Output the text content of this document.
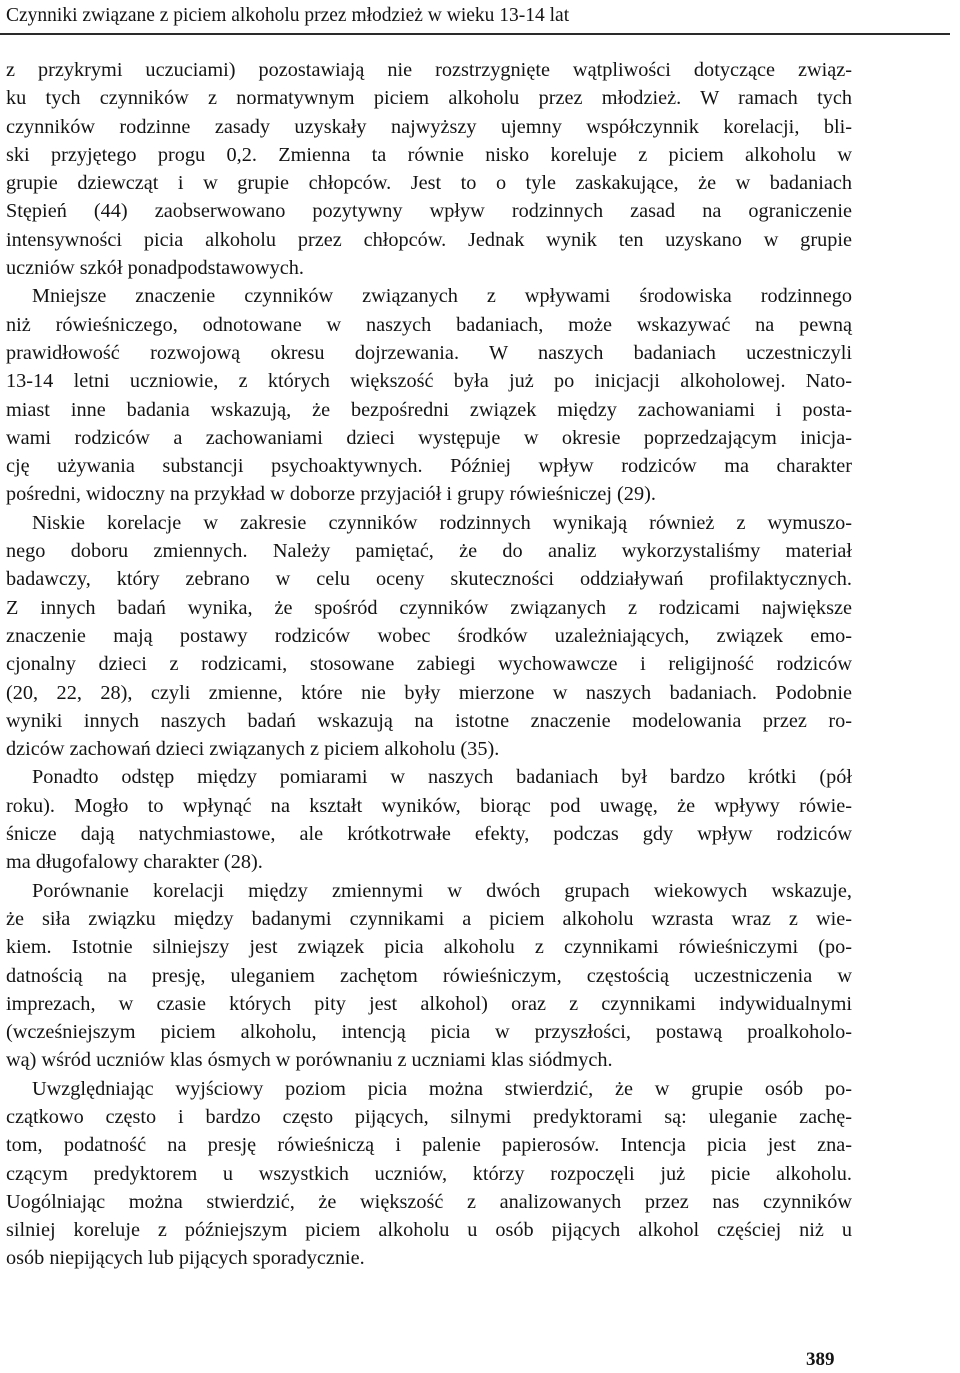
Czynniki związane z piciem alkoholu przez młodzież w wieku 13-14 lat
z przykrymi uczuciami) pozostawiają nie rozstrzygnięte wątpliwości dotyczące związ-
ku tych czynników z normatywnym piciem alkoholu przez młodzież. W ramach tych
czynników rodzinne zasady uzyskały najwyższy ujemny współczynnik korelacji, bli-
ski przyjętego progu 0,2. Zmienna ta równie nisko koreluje z piciem alkoholu w
grupie dziewcząt i w grupie chłopców. Jest to o tyle zaskakujące, że w badaniach
Stępień (44) zaobserwowano pozytywny wpływ rodzinnych zasad na ograniczenie
intensywności picia alkoholu przez chłopców. Jednak wynik ten uzyskano w grupie
uczniów szkół ponadpodstawowych.
Mniejsze znaczenie czynników związanych z wpływami środowiska rodzinnego
niż rówieśniczego, odnotowane w naszych badaniach, może wskazywać na pewną
prawidłowość rozwojową okresu dojrzewania. W naszych badaniach uczestniczyli
13-14 letni uczniowie, z których większość była już po inicjacji alkoholowej. Nato-
miast inne badania wskazują, że bezpośredni związek między zachowaniami i posta-
wami rodziców a zachowaniami dzieci występuje w okresie poprzedzającym inicja-
cję używania substancji psychoaktywnych. Później wpływ rodziców ma charakter
pośredni, widoczny na przykład w doborze przyjaciół i grupy rówieśniczej (29).
Niskie korelacje w zakresie czynników rodzinnych wynikają również z wymuszo-
nego doboru zmiennych. Należy pamiętać, że do analiz wykorzystaliśmy materiał
badawczy, który zebrano w celu oceny skuteczności oddziaływań profilaktycznych.
Z innych badań wynika, że spośród czynników związanych z rodzicami największe
znaczenie mają postawy rodziców wobec środków uzależniających, związek emo-
cjonalny dzieci z rodzicami, stosowane zabiegi wychowawcze i religijność rodziców
(20, 22, 28), czyli zmienne, które nie były mierzone w naszych badaniach. Podobnie
wyniki innych naszych badań wskazują na istotne znaczenie modelowania przez ro-
dziców zachowań dzieci związanych z piciem alkoholu (35).
Ponadto odstęp między pomiarami w naszych badaniach był bardzo krótki (pół
roku). Mogło to wpłynąć na kształt wyników, biorąc pod uwagę, że wpływy rówie-
śnicze dają natychmiastowe, ale krótkotrwałe efekty, podczas gdy wpływ rodziców
ma długofalowy charakter (28).
Porównanie korelacji między zmiennymi w dwóch grupach wiekowych wskazuje,
że siła związku między badanymi czynnikami a piciem alkoholu wzrasta wraz z wie-
kiem. Istotnie silniejszy jest związek picia alkoholu z czynnikami rówieśniczymi (po-
datnością na presję, uleganiem zachętom rówieśniczym, częstością uczestniczenia w
imprezach, w czasie których pity jest alkohol) oraz z czynnikami indywidualnymi
(wcześniejszym piciem alkoholu, intencją picia w przyszłości, postawą proalkoholo-
wą) wśród uczniów klas ósmych w porównaniu z uczniami klas siódmych.
Uwzględniając wyjściowy poziom picia można stwierdzić, że w grupie osób po-
czątkowo często i bardzo często pijących, silnymi predyktorami są: uleganie zachę-
tom, podatność na presję rówieśniczą i palenie papierosów. Intencja picia jest zna-
czącym predyktorem u wszystkich uczniów, którzy rozpoczęli już picie alkoholu.
Uogólniając można stwierdzić, że większość z analizowanych przez nas czynników
silniej koreluje z późniejszym piciem alkoholu u osób pijących alkohol częściej niż u
osób niepijących lub pijących sporadycznie.
389
